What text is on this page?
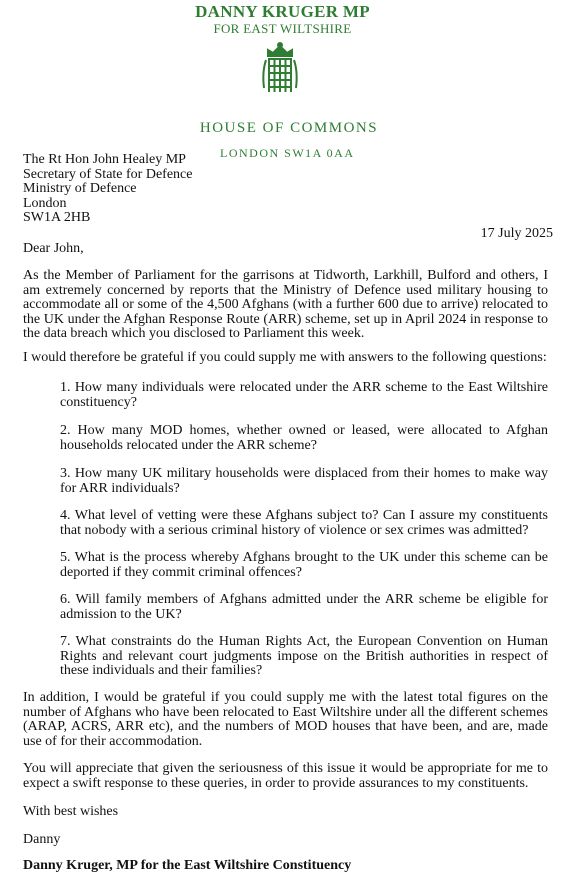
DANNY KRUGER MP
FOR EAST WILTSHIRE
HOUSE OF COMMONS
LONDON SW1A 0AA
The Rt Hon John Healey MP
Secretary of State for Defence
Ministry of Defence
London
SW1A 2HB
17 July 2025
Dear John,

As the Member of Parliament for the garrisons at Tidworth, Larkhill, Bulford and others, I am extremely concerned by reports that the Ministry of Defence used military housing to accommodate all or some of the 4,500 Afghans (with a further 600 due to arrive) relocated to the UK under the Afghan Response Route (ARR) scheme, set up in April 2024 in response to the data breach which you disclosed to Parliament this week.

I would therefore be grateful if you could supply me with answers to the following questions:

1. How many individuals were relocated under the ARR scheme to the East Wiltshire constituency?

2. How many MOD homes, whether owned or leased, were allocated to Afghan households relocated under the ARR scheme?

3. How many UK military households were displaced from their homes to make way for ARR individuals?

4. What level of vetting were these Afghans subject to? Can I assure my constituents that nobody with a serious criminal history of violence or sex crimes was admitted?

5. What is the process whereby Afghans brought to the UK under this scheme can be deported if they commit criminal offences?

6. Will family members of Afghans admitted under the ARR scheme be eligible for admission to the UK?

7. What constraints do the Human Rights Act, the European Convention on Human Rights and relevant court judgments impose on the British authorities in respect of these individuals and their families?

In addition, I would be grateful if you could supply me with the latest total figures on the number of Afghans who have been relocated to East Wiltshire under all the different schemes (ARAP, ACRS, ARR etc), and the numbers of MOD houses that have been, and are, made use of for their accommodation.

You will appreciate that given the seriousness of this issue it would be appropriate for me to expect a swift response to these queries, in order to provide assurances to my constituents.

With best wishes
Danny
Danny Kruger, MP for the East Wiltshire Constituency
